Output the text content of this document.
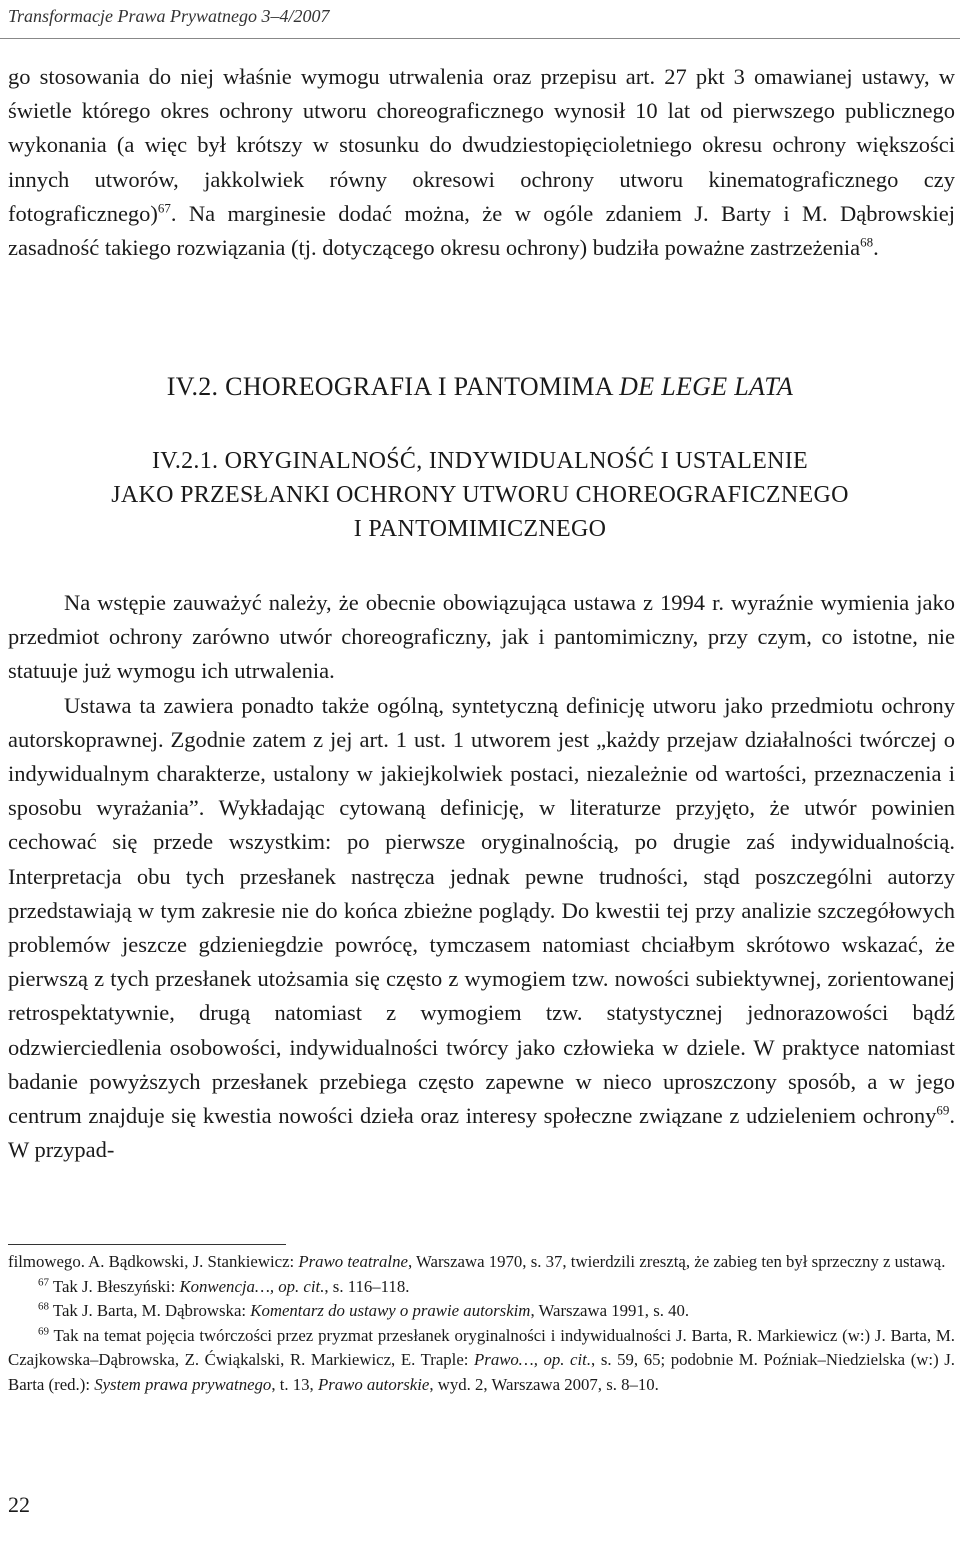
Transformacje Prawa Prywatnego 3–4/2007

go stosowania do niej właśnie wymogu utrwalenia oraz przepisu art. 27 pkt 3 omawianej ustawy, w świetle którego okres ochrony utworu choreograficznego wynosił 10 lat od pierwszego publicznego wykonania (a więc był krótszy w stosunku do dwudziestopięcioletniego okresu ochrony większości innych utworów, jakkolwiek równy okresowi ochrony utworu kinematograficznego czy fotograficznego)$^{67}$. Na marginesie dodać można, że w ogóle zdaniem J. Barty i M. Dąbrowskiej zasadność takiego rozwiązania (tj. dotyczącego okresu ochrony) budziła poważne zastrzeżenia$^{68}$.

IV.2. CHOREOGRAFIA I PANTOMIMA DE LEGE LATA
IV.2.1. ORYGINALNOŚĆ, INDYWIDUALNOŚĆ I USTALENIE
JAKO PRZESŁANKI OCHRONY UTWORU CHOREOGRAFICZNEGO
I PANTOMIMICZNEGO

Na wstępie zauważyć należy, że obecnie obowiązująca ustawa z 1994 r. wyraźnie wymienia jako przedmiot ochrony zarówno utwór choreograficzny, jak i pantomimiczny, przy czym, co istotne, nie statuuje już wymogu ich utrwalenia.

Ustawa ta zawiera ponadto także ogólną, syntetyczną definicję utworu jako przedmiotu ochrony autorskoprawnej. Zgodnie zatem z jej art. 1 ust. 1 utworem jest „każdy przejaw działalności twórczej o indywidualnym charakterze, ustalony w jakiejkolwiek postaci, niezależnie od wartości, przeznaczenia i sposobu wyrażania”. Wykładając cytowaną definicję, w literaturze przyjęto, że utwór powinien cechować się przede wszystkim: po pierwsze oryginalnością, po drugie zaś indywidualnością. Interpretacja obu tych przesłanek nastręcza jednak pewne trudności, stąd poszczególni autorzy przedstawiają w tym zakresie nie do końca zbieżne poglądy. Do kwestii tej przy analizie szczegółowych problemów jeszcze gdzieniegdzie powrócę, tymczasem natomiast chciałbym skrótowo wskazać, że pierwszą z tych przesłanek utożsamia się często z wymogiem tzw. nowości subiektywnej, zorientowanej retrospektatywnie, drugą natomiast z wymogiem tzw. statystycznej jednorazowości bądź odzwierciedlenia osobowości, indywidualności twórcy jako człowieka w dziele. W praktyce natomiast badanie powyższych przesłanek przebiega często zapewne w nieco uproszczony sposób, a w jego centrum znajduje się kwestia nowości dzieła oraz interesy społeczne związane z udzieleniem ochrony$^{69}$. W przypad-

filmowego. A. Bądkowski, J. Stankiewicz: Prawo teatralne, Warszawa 1970, s. 37, twierdzili zresztą, że zabieg ten był sprzeczny z ustawą.

$^{67}$ Tak J. Błeszyński: Konwencja…, op. cit., s. 116–118.

$^{68}$ Tak J. Barta, M. Dąbrowska: Komentarz do ustawy o prawie autorskim, Warszawa 1991, s. 40.

$^{69}$ Tak na temat pojęcia twórczości przez pryzmat przesłanek oryginalności i indywidualności J. Barta, R. Markiewicz (w:) J. Barta, M. Czajkowska–Dąbrowska, Z. Ćwiąkalski, R. Markiewicz, E. Traple: Prawo…, op. cit., s. 59, 65; podobnie M. Poźniak–Niedzielska (w:) J. Barta (red.): System prawa prywatnego, t. 13, Prawo autorskie, wyd. 2, Warszawa 2007, s. 8–10.

22
